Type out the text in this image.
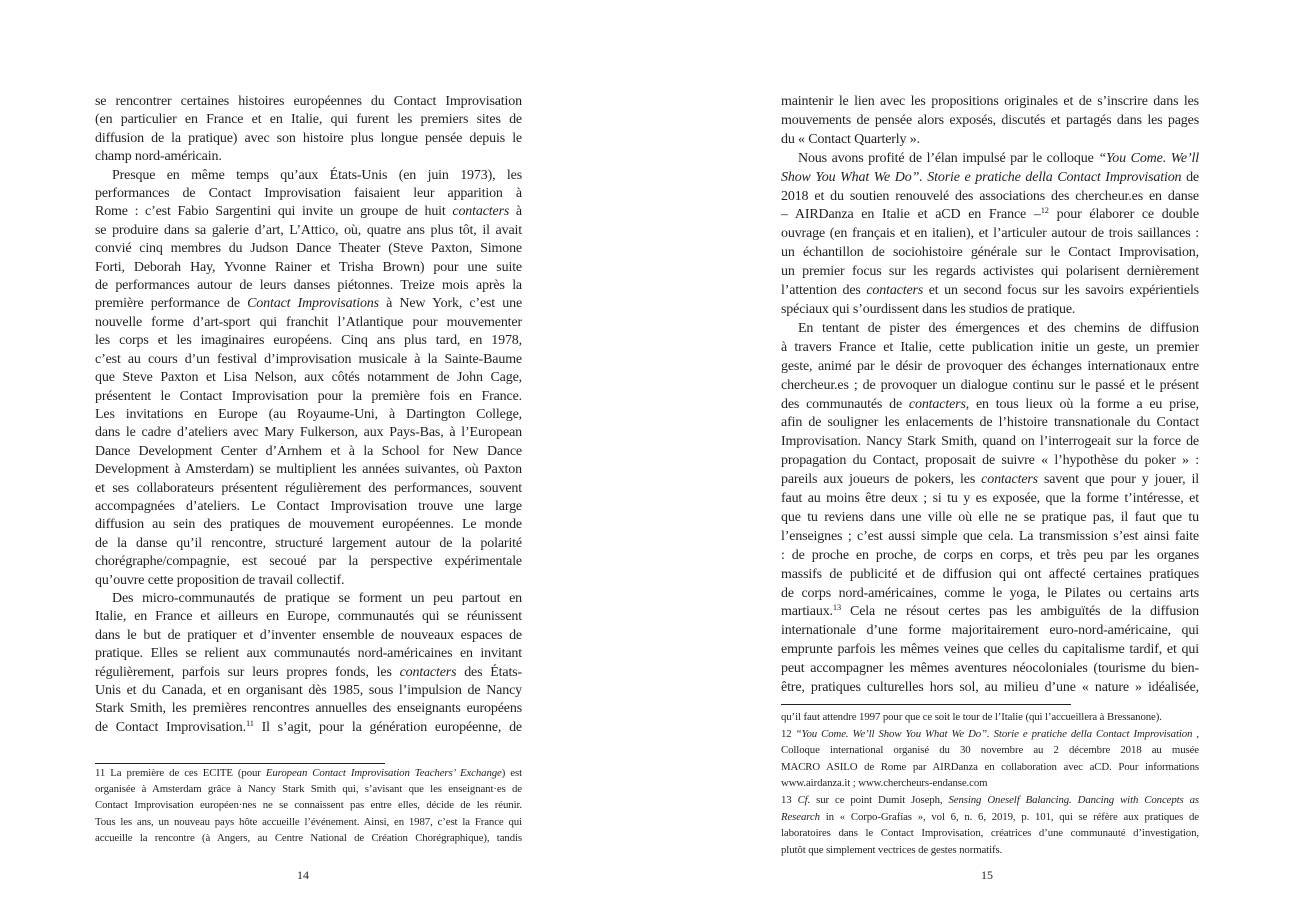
se rencontrer certaines histoires européennes du Contact Improvisation
(en particulier en France et en Italie, qui furent les premiers sites de
diffusion de la pratique) avec son histoire plus longue pensée depuis le
champ nord-américain.
Presque en même temps qu’aux États-Unis (en juin 1973), les
performances de Contact Improvisation faisaient leur apparition à
Rome : c’est Fabio Sargentini qui invite un groupe de huit contacters à
se produire dans sa galerie d’art, L’Attico, où, quatre ans plus tôt, il avait
convié cinq membres du Judson Dance Theater (Steve Paxton, Simone
Forti, Deborah Hay, Yvonne Rainer et Trisha Brown) pour une suite
de performances autour de leurs danses piétonnes. Treize mois après la
première performance de Contact Improvisations à New York, c’est une
nouvelle forme d’art-sport qui franchit l’Atlantique pour mouvementer
les corps et les imaginaires européens. Cinq ans plus tard, en 1978,
c’est au cours d’un festival d’improvisation musicale à la Sainte-Baume
que Steve Paxton et Lisa Nelson, aux côtés notamment de John Cage,
présentent le Contact Improvisation pour la première fois en France.
Les invitations en Europe (au Royaume-Uni, à Dartington College,
dans le cadre d’ateliers avec Mary Fulkerson, aux Pays-Bas, à l’European
Dance Development Center d’Arnhem et à la School for New Dance
Development à Amsterdam) se multiplient les années suivantes, où Paxton
et ses collaborateurs présentent régulièrement des performances, souvent
accompagnées d’ateliers. Le Contact Improvisation trouve une large
diffusion au sein des pratiques de mouvement européennes. Le monde
de la danse qu’il rencontre, structuré largement autour de la polarité
chorégraphe/compagnie, est secoué par la perspective expérimentale
qu’ouvre cette proposition de travail collectif.
Des micro-communautés de pratique se forment un peu partout en
Italie, en France et ailleurs en Europe, communautés qui se réunissent
dans le but de pratiquer et d’inventer ensemble de nouveaux espaces de
pratique. Elles se relient aux communautés nord-américaines en invitant
régulièrement, parfois sur leurs propres fonds, les contacters des États-
Unis et du Canada, et en organisant dès 1985, sous l’impulsion de Nancy
Stark Smith, les premières rencontres annuelles des enseignants européens
de Contact Improvisation.$^{11}$ Il s’agit, pour la génération européenne, de
11 La première de ces ECITE (pour European Contact Improvisation Teachers’ Exchange) est
organisée à Amsterdam grâce à Nancy Stark Smith qui, s’avisant que les enseignant·es de
Contact Improvisation européen·nes ne se connaissent pas entre elles, décide de les réunir.
Tous les ans, un nouveau pays hôte accueille l’événement. Ainsi, en 1987, c’est la France qui
accueille la rencontre (à Angers, au Centre National de Création Chorégraphique), tandis
14
maintenir le lien avec les propositions originales et de s’inscrire dans les
mouvements de pensée alors exposés, discutés et partagés dans les pages
du « Contact Quarterly ».
Nous avons profité de l’élan impulsé par le colloque “You Come. We’ll
Show You What We Do”. Storie e pratiche della Contact Improvisation de
2018 et du soutien renouvelé des associations des chercheur.es en danse
– AIRDanza en Italie et aCD en France –$^{12}$ pour élaborer ce double
ouvrage (en français et en italien), et l’articuler autour de trois saillances :
un échantillon de sociohistoire générale sur le Contact Improvisation,
un premier focus sur les regards activistes qui polarisent dernièrement
l’attention des contacters et un second focus sur les savoirs expérientiels
spéciaux qui s’ourdissent dans les studios de pratique.
En tentant de pister des émergences et des chemins de diffusion
à travers France et Italie, cette publication initie un geste, un premier
geste, animé par le désir de provoquer des échanges internationaux entre
chercheur.es ; de provoquer un dialogue continu sur le passé et le présent
des communautés de contacters, en tous lieux où la forme a eu prise,
afin de souligner les enlacements de l’histoire transnationale du Contact
Improvisation. Nancy Stark Smith, quand on l’interrogeait sur la force de
propagation du Contact, proposait de suivre « l’hypothèse du poker » :
pareils aux joueurs de pokers, les contacters savent que pour y jouer, il
faut au moins être deux ; si tu y es exposée, que la forme t’intéresse, et
que tu reviens dans une ville où elle ne se pratique pas, il faut que tu
l’enseignes ; c’est aussi simple que cela. La transmission s’est ainsi faite
: de proche en proche, de corps en corps, et très peu par les organes
massifs de publicité et de diffusion qui ont affecté certaines pratiques
de corps nord-américaines, comme le yoga, le Pilates ou certains arts
martiaux.$^{13}$ Cela ne résout certes pas les ambiguïtés de la diffusion
internationale d’une forme majoritairement euro-nord-américaine, qui
emprunte parfois les mêmes veines que celles du capitalisme tardif, et qui
peut accompagner les mêmes aventures néocoloniales (tourisme du bien-
être, pratiques culturelles hors sol, au milieu d’une « nature » idéalisée,
qu’il faut attendre 1997 pour que ce soit le tour de l’Italie (qui l’accueillera à Bressanone).
12 “You Come. We’ll Show You What We Do”. Storie e pratiche della Contact Improvisation ,
Colloque international organisé du 30 novembre au 2 décembre 2018 au musée
MACRO ASILO de Rome par AIRDanza en collaboration avec aCD. Pour informations
www.airdanza.it ; www.chercheurs-endanse.com
13 Cf. sur ce point Dumit Joseph, Sensing Oneself Balancing. Dancing with Concepts as
Research in « Corpo-Grafías », vol 6, n. 6, 2019, p. 101, qui se réfère aux pratiques de
laboratoires dans le Contact Improvisation, créatrices d’une communauté d’investigation,
plutôt que simplement vectrices de gestes normatifs.
15
